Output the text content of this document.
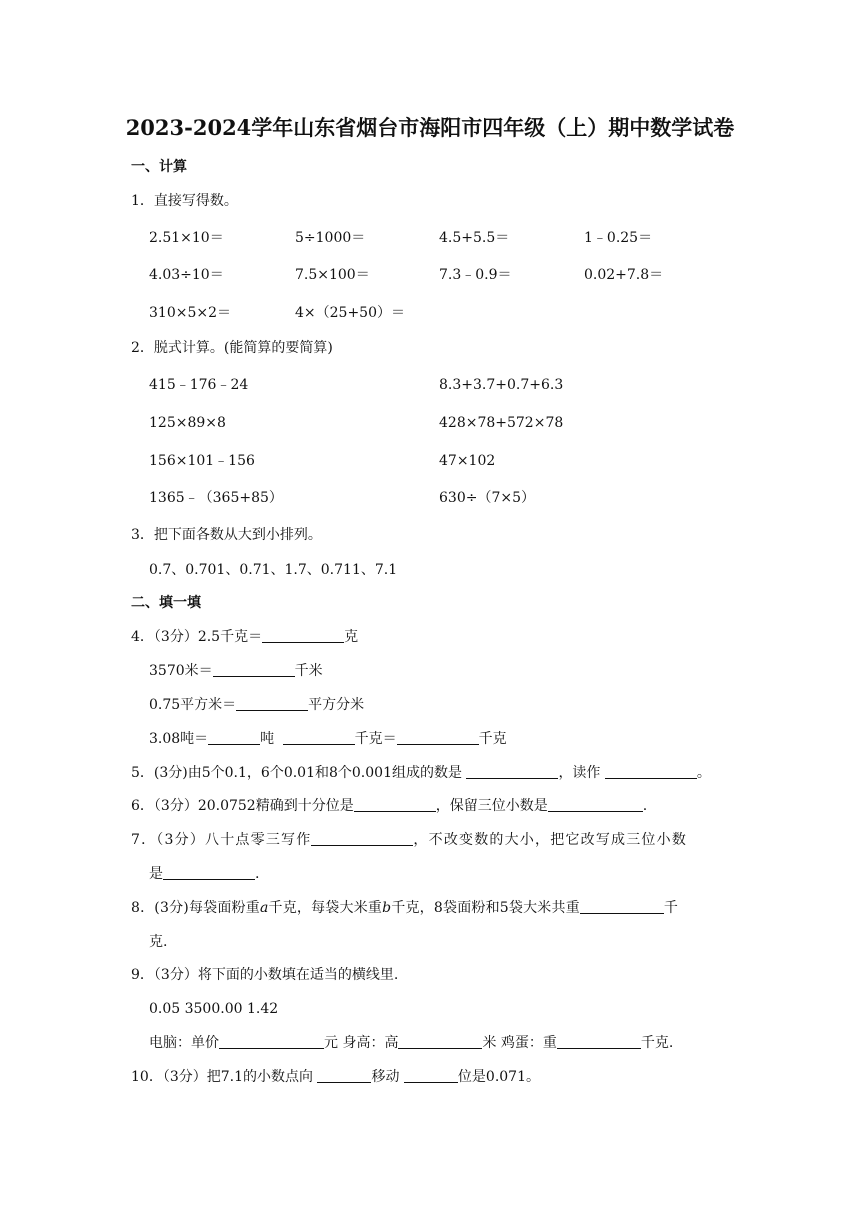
2023-2024学年山东省烟台市海阳市四年级（上）期中数学试卷
一、计算
1．直接写得数。
2.51×10＝	5÷1000＝	4.5+5.5＝	1﹣0.25＝
4.03÷10＝	7.5×100＝	7.3﹣0.9＝	0.02+7.8＝
310×5×2＝	4×（25+50）＝
2．脱式计算。(能简算的要简算)
415﹣176﹣24	8.3+3.7+0.7+6.3
125×89×8	428×78+572×78
156×101﹣156	47×102
1365﹣（365+85）	630÷（7×5）
3．把下面各数从大到小排列。
0.7、0.701、0.71、1.7、0.711、7.1
二、填一填
4．（3分）2.5千克＝	克
3570米＝	千米
0.75平方米＝	平方分米
3.08吨＝	吨	千克＝	千克
5．(3分)由5个0.1，6个0.01和8个0.001组成的数是	，读作	。
6．（3分）20.0752精确到十分位是	，保留三位小数是	.
7．（3分）八十点零三写作	，不改变数的大小，把它改写成三位小数
是	.
8．(3分)每袋面粉重a千克，每袋大米重b千克，8袋面粉和5袋大米共重	千
克.
9．（3分）将下面的小数填在适当的横线里.
0.05 3500.00 1.42
电脑：单价	元 身高：高	米 鸡蛋：重	千克.
10．（3分）把7.1的小数点向	移动	位是0.071。
